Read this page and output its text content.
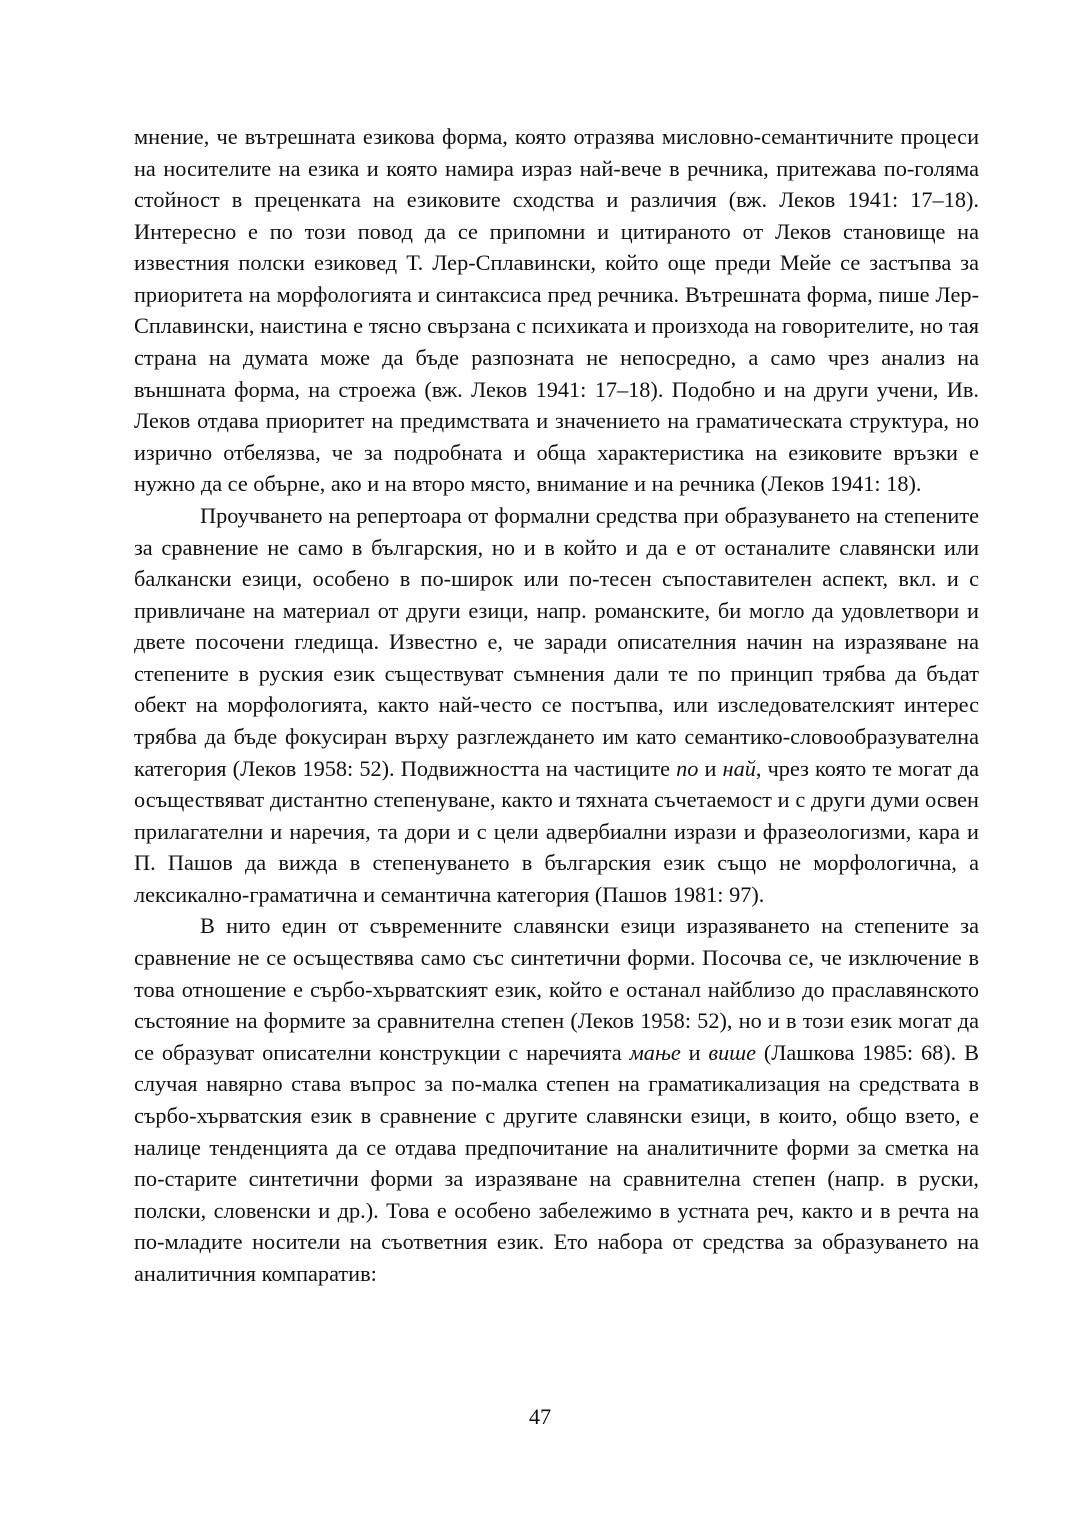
мнение, че вътрешната езикова форма, която отразява мисловно-семантичните процеси на носителите на езика и която намира израз най-вече в речника, притежава по-голяма стойност в преценката на езиковите сходства и различия (вж. Леков 1941: 17–18). Интересно е по този повод да се припомни и цитираното от Леков становище на известния полски езиковед Т. Лер-Сплавински, който още преди Мейе се застъпва за приоритета на морфологията и синтаксиса пред речника. Вътрешната форма, пише Лер-Сплавински, наистина е тясно свързана с психиката и произхода на говорителите, но тая страна на думата може да бъде разпозната не непосредно, а само чрез анализ на външната форма, на строежа (вж. Леков 1941: 17–18). Подобно и на други учени, Ив. Леков отдава приоритет на предимствата и значението на граматическата структура, но изрично отбелязва, че за подробната и обща характеристика на езиковите връзки е нужно да се обърне, ако и на второ място, внимание и на речника (Леков 1941: 18).

Проучването на репертоара от формални средства при образуването на степените за сравнение не само в българския, но и в който и да е от останалите славянски или балкански езици, особено в по-широк или по-тесен съпоставителен аспект, вкл. и с привличане на материал от други езици, напр. романските, би могло да удовлетвори и двете посочени гледища. Известно е, че заради описателния начин на изразяване на степените в руския език съществуват съмнения дали те по принцип трябва да бъдат обект на морфологията, както най-често се постъпва, или изследователският интерес трябва да бъде фокусиран върху разглеждането им като семантико-словообразувателна категория (Леков 1958: 52). Подвижността на частиците по и най, чрез която те могат да осъществяват дистантно степенуване, както и тяхната съчетаемост и с други думи освен прилагателни и наречия, та дори и с цели адвербиални изрази и фразеологизми, кара и П. Пашов да вижда в степенуването в българския език също не морфологична, а лексикално-граматична и семантична категория (Пашов 1981: 97).

В нито един от съвременните славянски езици изразяването на степените за сравнение не се осъществява само със синтетични форми. Посочва се, че изключение в това отношение е сърбо-хърватският език, който е останал найблизо до праславянското състояние на формите за сравнителна степен (Леков 1958: 52), но и в този език могат да се образуват описателни конструкции с наречията мање и више (Лашкова 1985: 68). В случая навярно става въпрос за по-малка степен на граматикализация на средствата в сърбо-хърватския език в сравнение с другите славянски езици, в които, общо взето, е налице тенденцията да се отдава предпочитание на аналитичните форми за сметка на по-старите синтетични форми за изразяване на сравнителна степен (напр. в руски, полски, словенски и др.). Това е особено забележимо в устната реч, както и в речта на по-младите носители на съответния език. Ето набора от средства за образуването на аналитичния компаратив:

47
